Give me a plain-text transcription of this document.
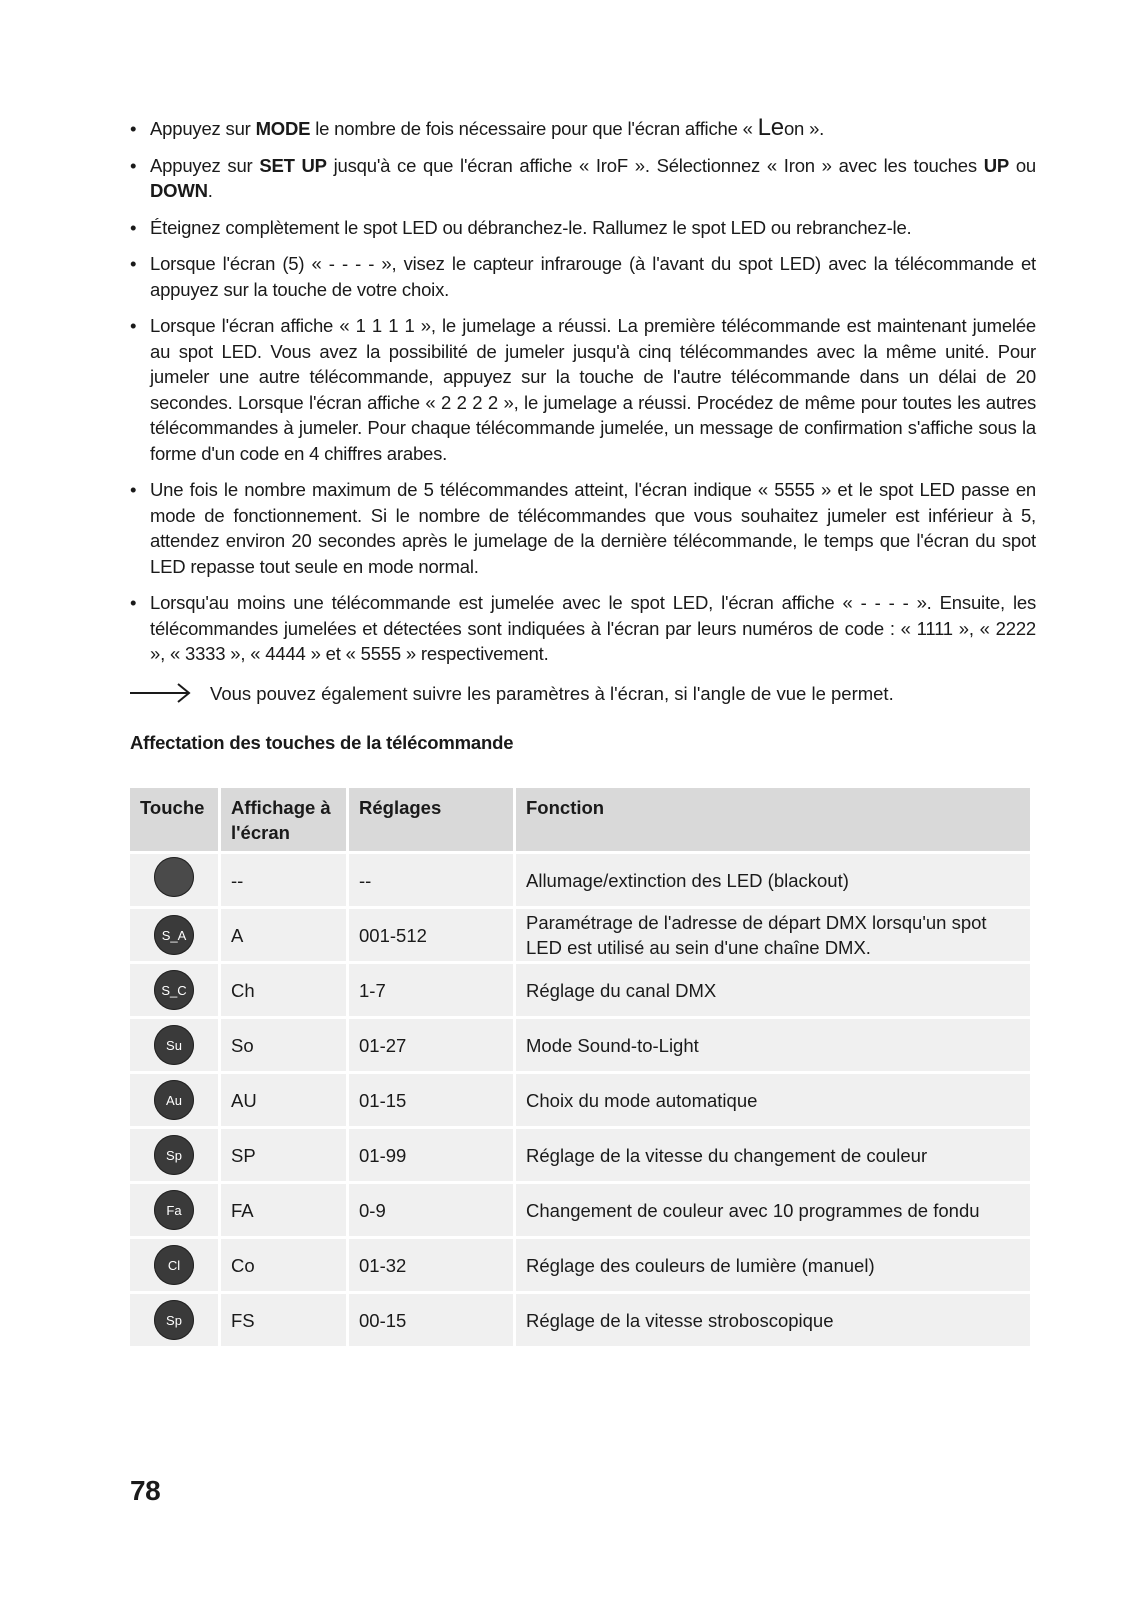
• Appuyez sur MODE le nombre de fois nécessaire pour que l'écran affiche « Leon ».
• Appuyez sur SET UP jusqu'à ce que l'écran affiche « IroF ». Sélectionnez « Iron » avec les touches UP ou DOWN.
• Éteignez complètement le spot LED ou débranchez-le. Rallumez le spot LED ou rebranchez-le.
• Lorsque l'écran (5) « - - - - », visez le capteur infrarouge (à l'avant du spot LED) avec la télécommande et appuyez sur la touche de votre choix.
• Lorsque l'écran affiche « 1 1 1 1 », le jumelage a réussi. La première télécommande est maintenant jumelée au spot LED. Vous avez la possibilité de jumeler jusqu'à cinq télécommandes avec la même unité. Pour jumeler une autre télécommande, appuyez sur la touche de l'autre télécommande dans un délai de 20 secondes. Lorsque l'écran affiche « 2 2 2 2 », le jumelage a réussi. Procédez de même pour toutes les autres télécommandes à jumeler. Pour chaque télécommande jumelée, un message de confirmation s'affiche sous la forme d'un code en 4 chiffres arabes.
• Une fois le nombre maximum de 5 télécommandes atteint, l'écran indique « 5555 » et le spot LED passe en mode de fonctionnement. Si le nombre de télécommandes que vous souhaitez jumeler est inférieur à 5, attendez environ 20 secondes après le jumelage de la dernière télécommande, le temps que l'écran du spot LED repasse tout seule en mode normal.
• Lorsqu'au moins une télécommande est jumelée avec le spot LED, l'écran affiche « - - - - ». Ensuite, les télécommandes jumelées et détectées sont indiquées à l'écran par leurs numéros de code : « 1111 », « 2222 », « 3333 », « 4444 » et « 5555 » respectivement.
Vous pouvez également suivre les paramètres à l'écran, si l'angle de vue le permet.
Affectation des touches de la télécommande
Touche	Affichage à l'écran	Réglages	Fonction
	--	--	Allumage/extinction des LED (blackout)
S_A	A	001-512	Paramétrage de l'adresse de départ DMX lorsqu'un spot LED est utilisé au sein d'une chaîne DMX.
S_C	Ch	1-7	Réglage du canal DMX
Su	So	01-27	Mode Sound-to-Light
Au	AU	01-15	Choix du mode automatique
Sp	SP	01-99	Réglage de la vitesse du changement de couleur
Fa	FA	0-9	Changement de couleur avec 10 programmes de fondu
Cl	Co	01-32	Réglage des couleurs de lumière (manuel)
Sp	FS	00-15	Réglage de la vitesse stroboscopique
78
